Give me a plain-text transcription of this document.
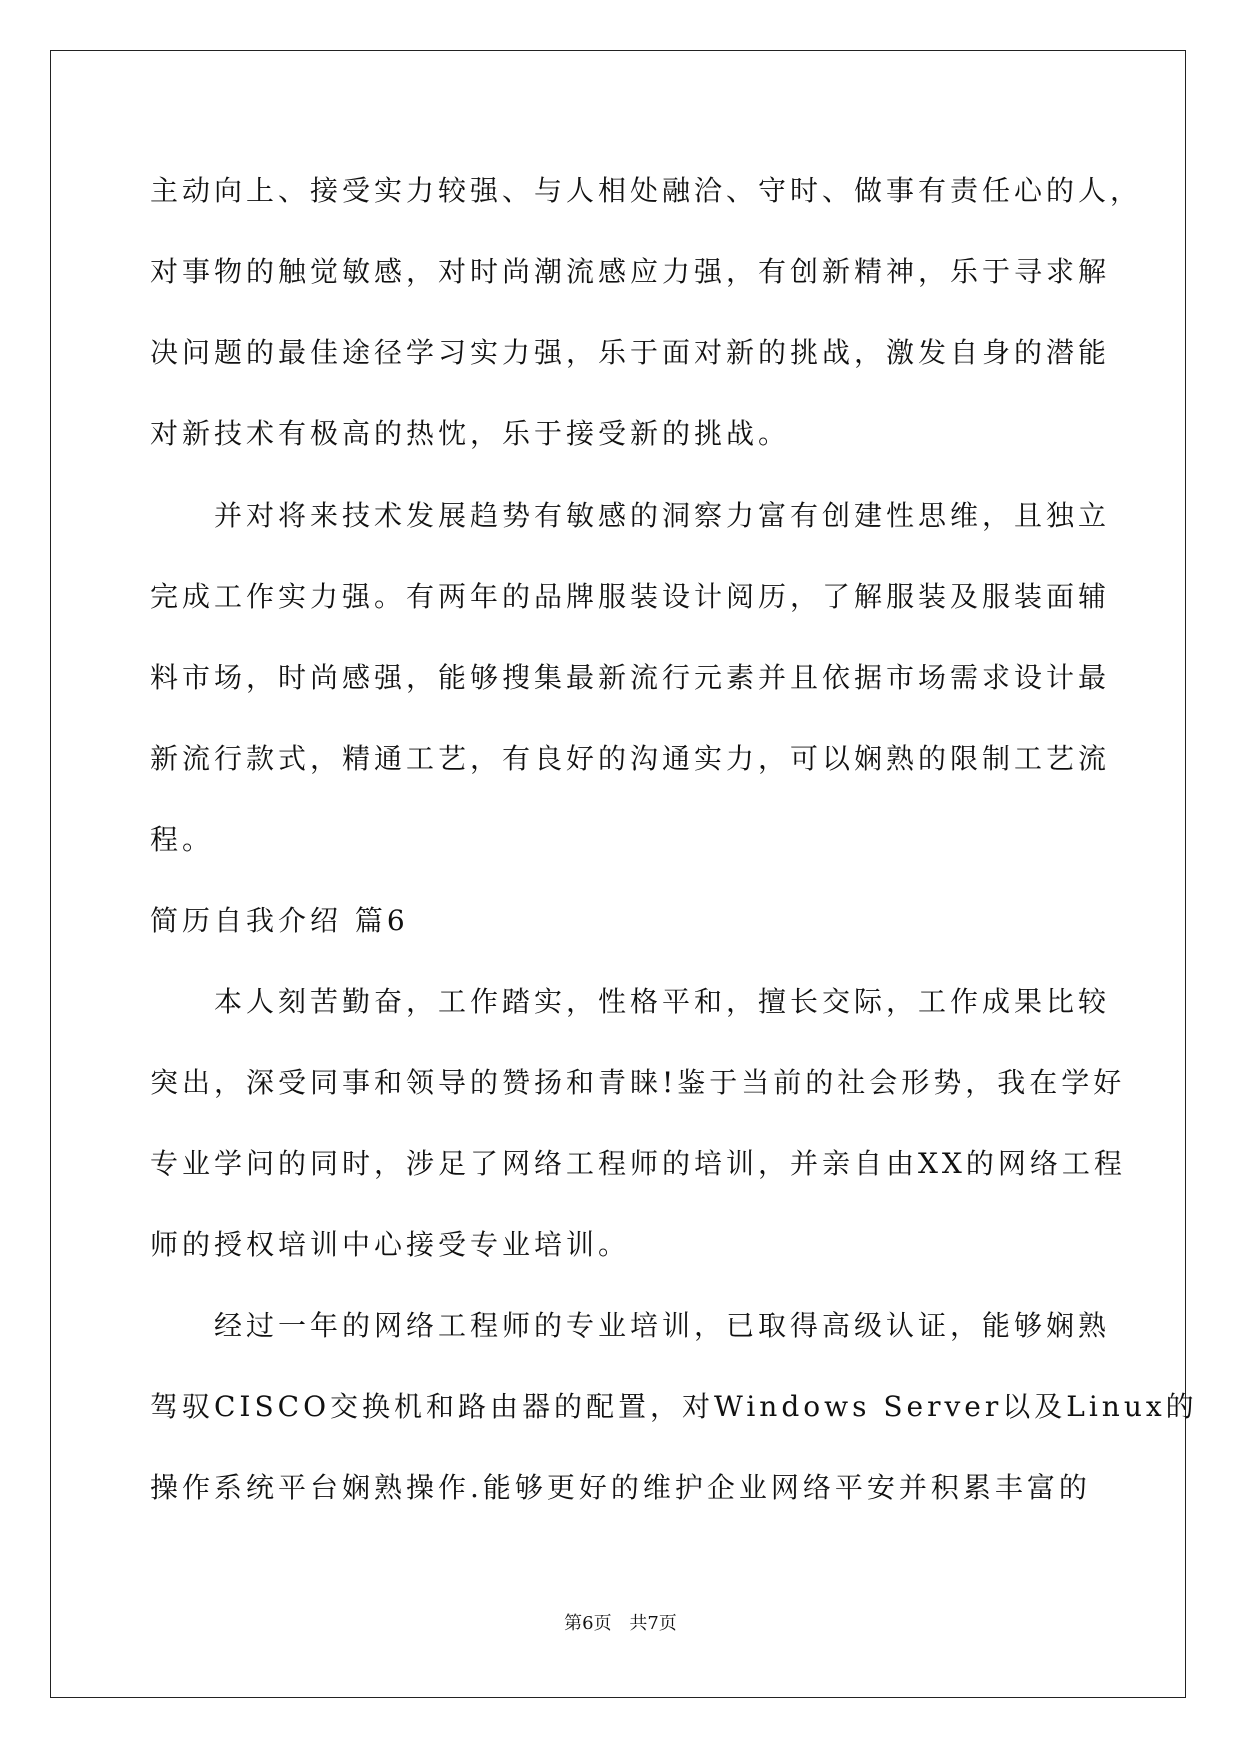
主动向上、接受实力较强、与人相处融洽、守时、做事有责任心的人，
对事物的触觉敏感，对时尚潮流感应力强，有创新精神，乐于寻求解
决问题的最佳途径学习实力强，乐于面对新的挑战，激发自身的潜能
对新技术有极高的热忱，乐于接受新的挑战。
并对将来技术发展趋势有敏感的洞察力富有创建性思维，且独立
完成工作实力强。有两年的品牌服装设计阅历，了解服装及服装面辅
料市场，时尚感强，能够搜集最新流行元素并且依据市场需求设计最
新流行款式，精通工艺，有良好的沟通实力，可以娴熟的限制工艺流
程。
简历自我介绍 篇6
本人刻苦勤奋，工作踏实，性格平和，擅长交际，工作成果比较
突出，深受同事和领导的赞扬和青睐!鉴于当前的社会形势，我在学好
专业学问的同时，涉足了网络工程师的培训，并亲自由XX的网络工程
师的授权培训中心接受专业培训。
经过一年的网络工程师的专业培训，已取得高级认证，能够娴熟
驾驭CISCO交换机和路由器的配置，对Windows Server以及Linux的
操作系统平台娴熟操作.能够更好的维护企业网络平安并积累丰富的
第6页 共7页
